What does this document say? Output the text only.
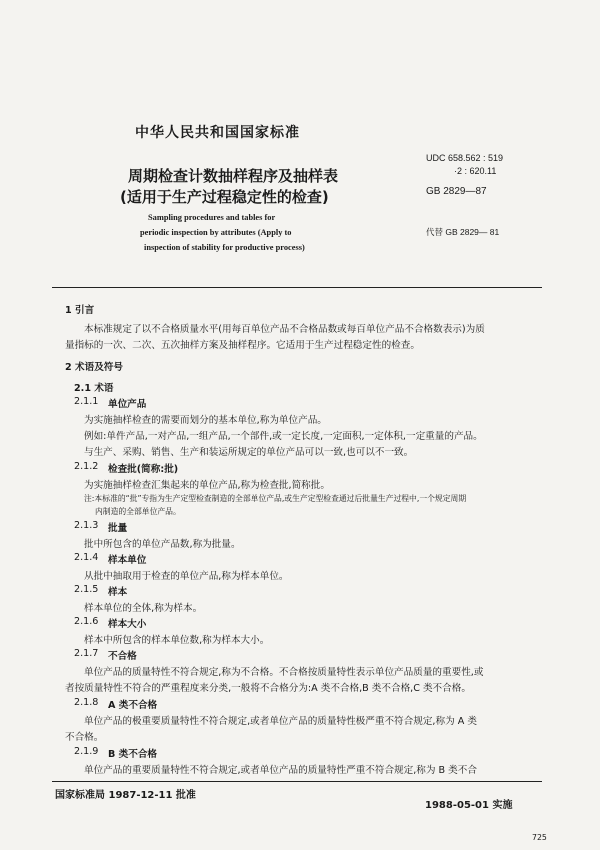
中华人民共和国国家标准
周期检查计数抽样程序及抽样表
(适用于生产过程稳定性的检查)
UDC 658.562 : 519
·2 : 620.11
GB 2829—87
Sampling procedures and tables for
periodic inspection by attributes (Apply to
inspection of stability for productive process)
代替 GB 2829— 81
1 引言
本标准规定了以不合格质量水平(用每百单位产品不合格品数或每百单位产品不合格数表示)为质
量指标的一次、二次、五次抽样方案及抽样程序。它适用于生产过程稳定性的检查。
2 术语及符号
2.1 术语
2.1.1 单位产品
为实施抽样检查的需要而划分的基本单位,称为单位产品。
例如:单件产品,一对产品,一组产品,一个部件,或一定长度,一定面积,一定体积,一定重量的产品。
与生产、采购、销售、生产和装运所规定的单位产品可以一致,也可以不一致。
2.1.2 检查批(简称:批)
为实施抽样检查汇集起来的单位产品,称为检查批,简称批。
注:本标准的“批”专指为生产定型检查制造的全部单位产品,或生产定型检查通过后批量生产过程中,一个规定周期
内制造的全部单位产品。
2.1.3 批量
批中所包含的单位产品数,称为批量。
2.1.4 样本单位
从批中抽取用于检查的单位产品,称为样本单位。
2.1.5 样本
样本单位的全体,称为样本。
2.1.6 样本大小
样本中所包含的样本单位数,称为样本大小。
2.1.7 不合格
单位产品的质量特性不符合规定,称为不合格。不合格按质量特性表示单位产品质量的重要性,或
者按质量特性不符合的严重程度来分类,一般将不合格分为:A 类不合格,B 类不合格,C 类不合格。
2.1.8 A 类不合格
单位产品的极重要质量特性不符合规定,或者单位产品的质量特性极严重不符合规定,称为 A 类
不合格。
2.1.9 B 类不合格
单位产品的重要质量特性不符合规定,或者单位产品的质量特性严重不符合规定,称为 B 类不合
国家标准局 1987-12-11 批准
1988-05-01 实施
725
